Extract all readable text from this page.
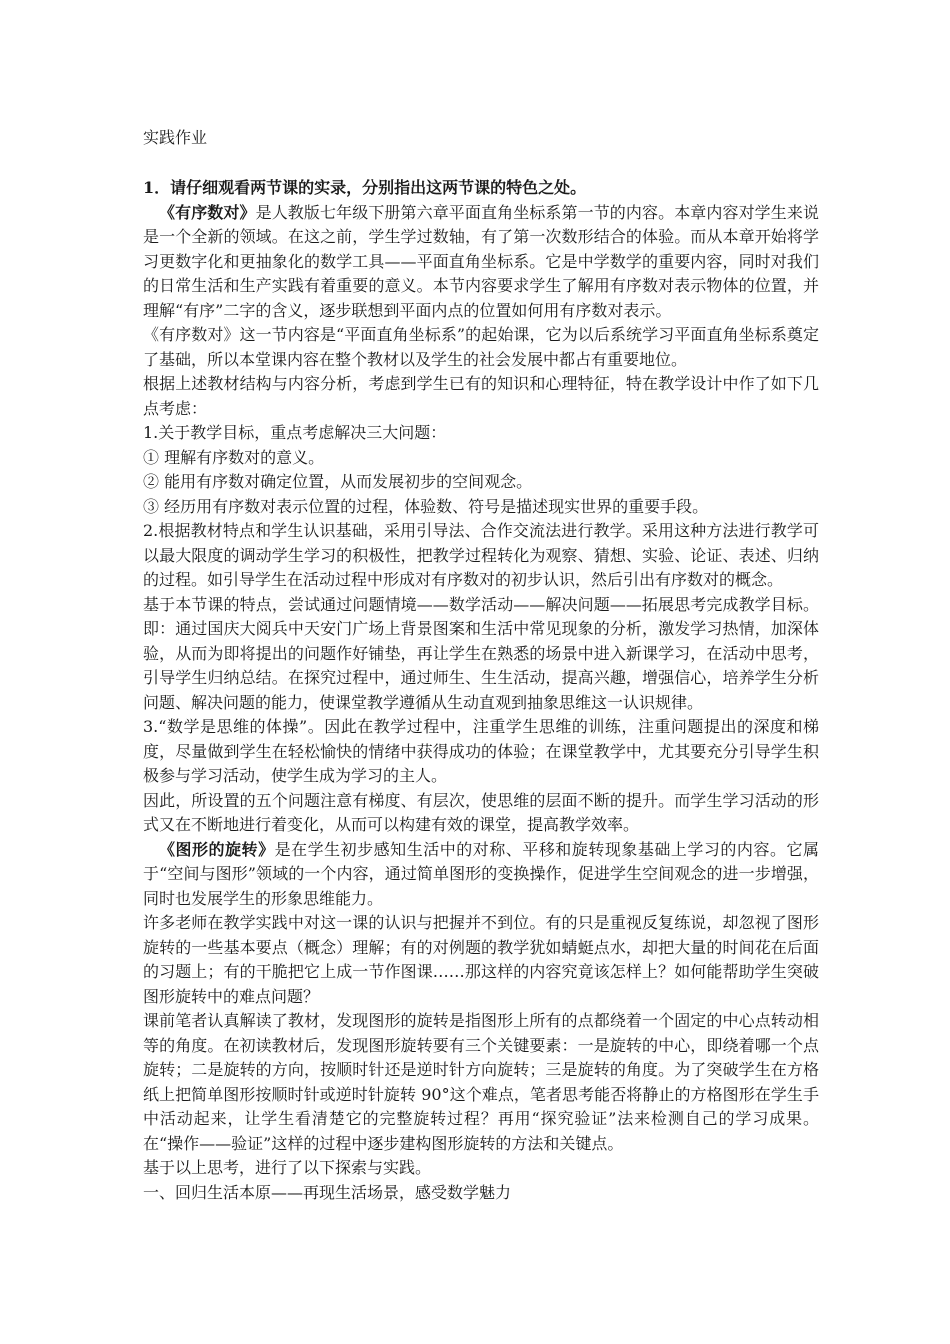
实践作业

1．请仔细观看两节课的实录，分别指出这两节课的特色之处。

《有序数对》是人教版七年级下册第六章平面直角坐标系第一节的内容。本章内容对学生来说是一个全新的领域。在这之前，学生学过数轴，有了第一次数形结合的体验。而从本章开始将学习更数字化和更抽象化的数学工具——平面直角坐标系。它是中学数学的重要内容，同时对我们的日常生活和生产实践有着重要的意义。本节内容要求学生了解用有序数对表示物体的位置，并理解“有序”二字的含义，逐步联想到平面内点的位置如何用有序数对表示。

《有序数对》这一节内容是“平面直角坐标系”的起始课，它为以后系统学习平面直角坐标系奠定了基础，所以本堂课内容在整个教材以及学生的社会发展中都占有重要地位。

根据上述教材结构与内容分析，考虑到学生已有的知识和心理特征，特在教学设计中作了如下几点考虑：

1.关于教学目标，重点考虑解决三大问题：

① 理解有序数对的意义。

② 能用有序数对确定位置，从而发展初步的空间观念。

③ 经历用有序数对表示位置的过程，体验数、符号是描述现实世界的重要手段。

2.根据教材特点和学生认识基础，采用引导法、合作交流法进行教学。采用这种方法进行教学可以最大限度的调动学生学习的积极性，把教学过程转化为观察、猜想、实验、论证、表述、归纳的过程。如引导学生在活动过程中形成对有序数对的初步认识，然后引出有序数对的概念。

基于本节课的特点，尝试通过问题情境——数学活动——解决问题——拓展思考完成教学目标。即：通过国庆大阅兵中天安门广场上背景图案和生活中常见现象的分析，激发学习热情，加深体验，从而为即将提出的问题作好铺垫，再让学生在熟悉的场景中进入新课学习，在活动中思考，引导学生归纳总结。在探究过程中，通过师生、生生活动，提高兴趣，增强信心，培养学生分析问题、解决问题的能力，使课堂教学遵循从生动直观到抽象思维这一认识规律。

3.“数学是思维的体操”。因此在教学过程中，注重学生思维的训练，注重问题提出的深度和梯度，尽量做到学生在轻松愉快的情绪中获得成功的体验；在课堂教学中，尤其要充分引导学生积极参与学习活动，使学生成为学习的主人。

因此，所设置的五个问题注意有梯度、有层次，使思维的层面不断的提升。而学生学习活动的形式又在不断地进行着变化，从而可以构建有效的课堂，提高教学效率。

《图形的旋转》是在学生初步感知生活中的对称、平移和旋转现象基础上学习的内容。它属于“空间与图形”领域的一个内容，通过简单图形的变换操作，促进学生空间观念的进一步增强，同时也发展学生的形象思维能力。

许多老师在教学实践中对这一课的认识与把握并不到位。有的只是重视反复练说，却忽视了图形旋转的一些基本要点（概念）理解；有的对例题的教学犹如蜻蜓点水，却把大量的时间花在后面的习题上；有的干脆把它上成一节作图课……那这样的内容究竟该怎样上？如何能帮助学生突破图形旋转中的难点问题？

课前笔者认真解读了教材，发现图形的旋转是指图形上所有的点都绕着一个固定的中心点转动相等的角度。在初读教材后，发现图形旋转要有三个关键要素：一是旋转的中心，即绕着哪一个点旋转；二是旋转的方向，按顺时针还是逆时针方向旋转；三是旋转的角度。为了突破学生在方格纸上把简单图形按顺时针或逆时针旋转 90°这个难点，笔者思考能否将静止的方格图形在学生手中活动起来，让学生看清楚它的完整旋转过程？再用“探究验证”法来检测自己的学习成果。在“操作——验证”这样的过程中逐步建构图形旋转的方法和关键点。

基于以上思考，进行了以下探索与实践。

一、回归生活本原——再现生活场景，感受数学魅力
